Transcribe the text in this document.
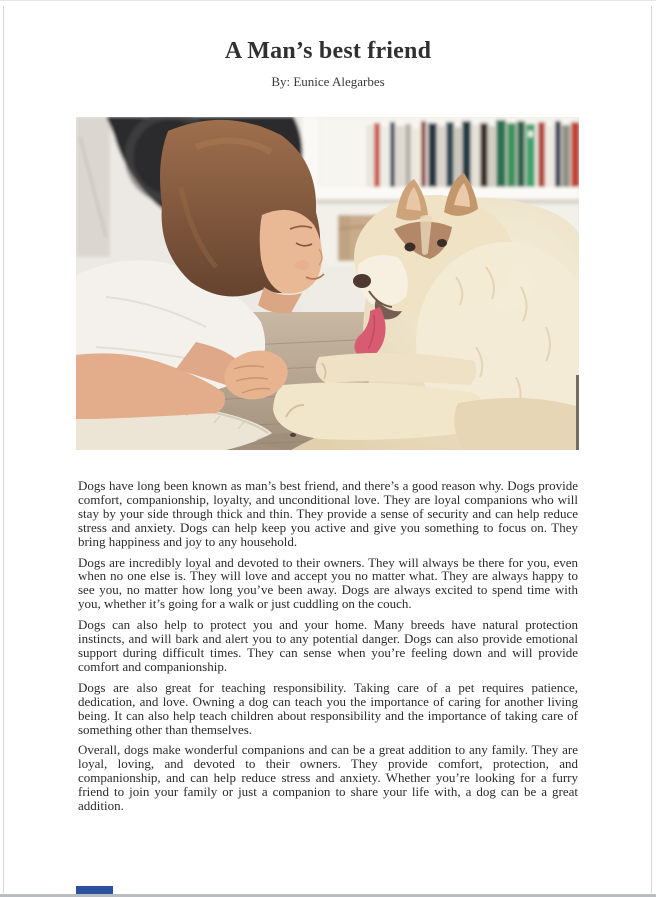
A Man’s best friend
By: Eunice Alegarbes

Dogs have long been known as man’s best friend, and there’s a good reason why. Dogs provide comfort, companionship, loyalty, and unconditional love. They are loyal companions who will stay by your side through thick and thin. They provide a sense of security and can help reduce stress and anxiety. Dogs can help keep you active and give you something to focus on. They bring happiness and joy to any household.

Dogs are incredibly loyal and devoted to their owners. They will always be there for you, even when no one else is. They will love and accept you no matter what. They are always happy to see you, no matter how long you’ve been away. Dogs are always excited to spend time with you, whether it’s going for a walk or just cuddling on the couch.

Dogs can also help to protect you and your home. Many breeds have natural protection instincts, and will bark and alert you to any potential danger. Dogs can also provide emotional support during difficult times. They can sense when you’re feeling down and will provide comfort and companionship.

Dogs are also great for teaching responsibility. Taking care of a pet requires patience, dedication, and love. Owning a dog can teach you the importance of caring for another living being. It can also help teach children about responsibility and the importance of taking care of something other than themselves.

Overall, dogs make wonderful companions and can be a great addition to any family. They are loyal, loving, and devoted to their owners. They provide comfort, protection, and companionship, and can help reduce stress and anxiety. Whether you’re looking for a furry friend to join your family or just a companion to share your life with, a dog can be a great addition.
